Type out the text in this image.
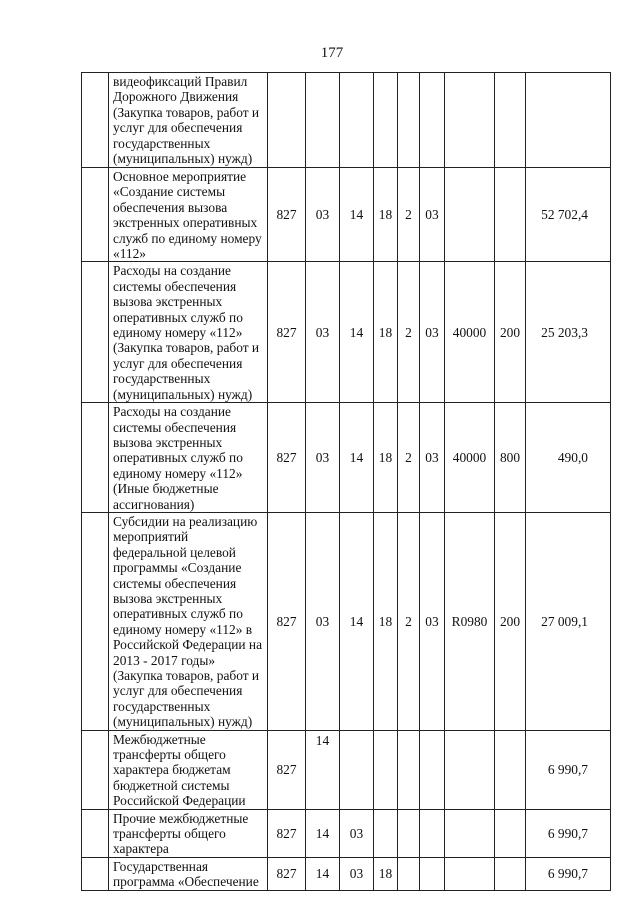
177
	видеофиксаций Правил Дорожного Движения (Закупка товаров, работ и услуг для обеспечения государственных (муниципальных) нужд)									
	Основное мероприятие «Создание системы обеспечения вызова экстренных оперативных служб по единому номеру «112»	827	03	14	18	2	03			52 702,4
	Расходы на создание системы обеспечения вызова экстренных оперативных служб по единому номеру «112» (Закупка товаров, работ и услуг для обеспечения государственных (муниципальных) нужд)	827	03	14	18	2	03	40000	200	25 203,3
	Расходы на создание системы обеспечения вызова экстренных оперативных служб по единому номеру «112» (Иные бюджетные ассигнования)	827	03	14	18	2	03	40000	800	490,0
	Субсидии на реализацию мероприятий федеральной целевой программы «Создание системы обеспечения вызова экстренных оперативных служб по единому номеру «112» в Российской Федерации на 2013 - 2017 годы» (Закупка товаров, работ и услуг для обеспечения государственных (муниципальных) нужд)	827	03	14	18	2	03	R0980	200	27 009,1
	Межбюджетные трансферты общего характера бюджетам бюджетной системы Российской Федерации	827	14							6 990,7
	Прочие межбюджетные трансферты общего характера	827	14	03						6 990,7
	Государственная программа «Обеспечение	827	14	03	18					6 990,7
